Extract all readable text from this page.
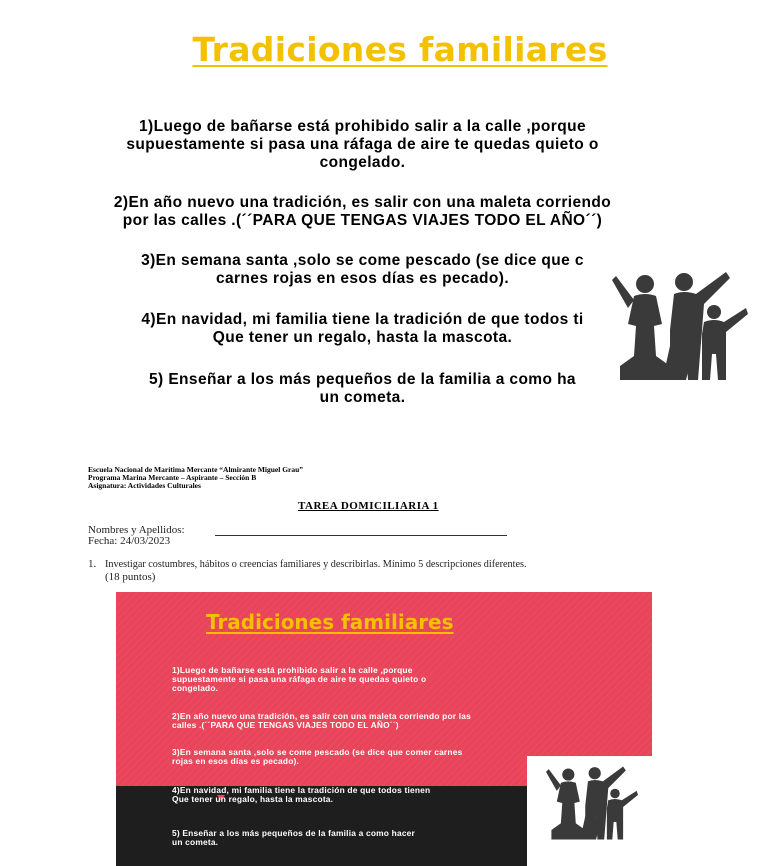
Tradiciones familiares
1)Luego de bañarse está prohibido salir a la calle ,porque
supuestamente si pasa una ráfaga de aire te quedas quieto o
congelado.
2)En año nuevo una tradición, es salir con una maleta corriendo
por las calles .(´´PARA QUE TENGAS VIAJES TODO EL AÑO´´)
3)En semana santa ,solo se come pescado (se dice que c
carnes rojas en esos días es pecado).
4)En navidad, mi familia tiene la tradición de que todos ti
Que tener un regalo, hasta la mascota.
5) Enseñar a los más pequeños de la familia a como ha
un cometa.
Escuela Nacional de Marítima Mercante “Almirante Miguel Grau”
Programa Marina Mercante – Aspirante – Sección B
Asignatura: Actividades Culturales
TAREA DOMICILIARIA 1
Nombres y Apellidos:
Fecha: 24/03/2023
1. Investigar costumbres, hábitos o creencias familiares y describirlas. Mínimo 5 descripciones diferentes.
(18 puntos)
Tradiciones familiares
1)Luego de bañarse está prohibido salir a la calle ,porque
supuestamente si pasa una ráfaga de aire te quedas quieto o
congelado.
2)En año nuevo una tradición, es salir con una maleta corriendo por las
calles .(´´PARA QUE TENGAS VIAJES TODO EL AÑO´´)
3)En semana santa ,solo se come pescado (se dice que comer carnes
rojas en esos días es pecado).
4)En navidad, mi familia tiene la tradición de que todos tienen
Que tener un regalo, hasta la mascota.
5) Enseñar a los más pequeños de la familia a como hacer
un cometa.
